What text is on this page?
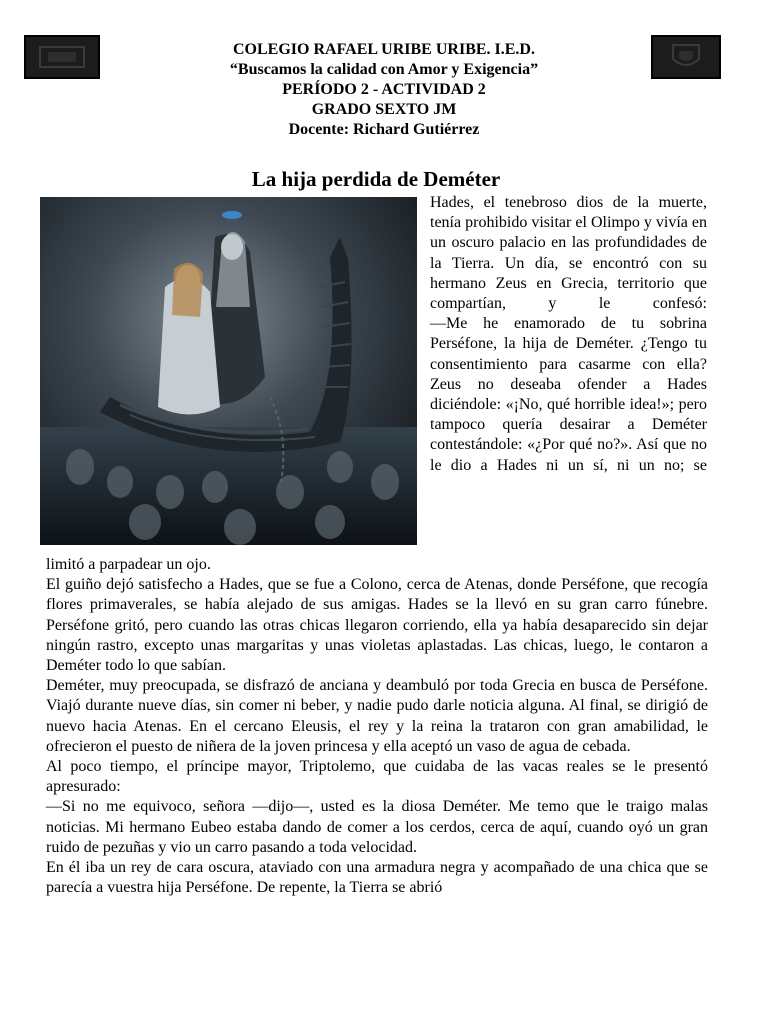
COLEGIO RAFAEL URIBE URIBE. I.E.D.
“Buscamos la calidad con Amor y Exigencia”
PERÍODO 2 - ACTIVIDAD 2
GRADO SEXTO JM
Docente: Richard Gutiérrez
La hija perdida de Deméter

Hades, el tenebroso dios de la muerte, tenía prohibido visitar el Olimpo y vivía en un oscuro palacio en las profundidades de la Tierra. Un día, se encontró con su hermano Zeus en Grecia, territorio que compartían, y le confesó:

—Me he enamorado de tu sobrina Perséfone, la hija de Deméter. ¿Tengo tu consentimiento para casarme con ella?

Zeus no deseaba ofender a Hades diciéndole: «¡No, qué horrible idea!»; pero tampoco quería desairar a Deméter contestándole: «¿Por qué no?». Así que no le dio a Hades ni un sí, ni un no; se

limitó a parpadear un ojo.

El guiño dejó satisfecho a Hades, que se fue a Colono, cerca de Atenas, donde Perséfone, que recogía flores primaverales, se había alejado de sus amigas. Hades se la llevó en su gran carro fúnebre. Perséfone gritó, pero cuando las otras chicas llegaron corriendo, ella ya había desaparecido sin dejar ningún rastro, excepto unas margaritas y unas violetas aplastadas. Las chicas, luego, le contaron a Deméter todo lo que sabían.

Deméter, muy preocupada, se disfrazó de anciana y deambuló por toda Grecia en busca de Perséfone. Viajó durante nueve días, sin comer ni beber, y nadie pudo darle noticia alguna. Al final, se dirigió de nuevo hacia Atenas. En el cercano Eleusis, el rey y la reina la trataron con gran amabilidad, le ofrecieron el puesto de niñera de la joven princesa y ella aceptó un vaso de agua de cebada.

Al poco tiempo, el príncipe mayor, Triptolemo, que cuidaba de las vacas reales se le presentó apresurado:

—Si no me equivoco, señora —dijo—, usted es la diosa Deméter. Me temo que le traigo malas noticias. Mi hermano Eubeo estaba dando de comer a los cerdos, cerca de aquí, cuando oyó un gran ruido de pezuñas y vio un carro pasando a toda velocidad.

En él iba un rey de cara oscura, ataviado con una armadura negra y acompañado de una chica que se parecía a vuestra hija Perséfone. De repente, la Tierra se abrió
